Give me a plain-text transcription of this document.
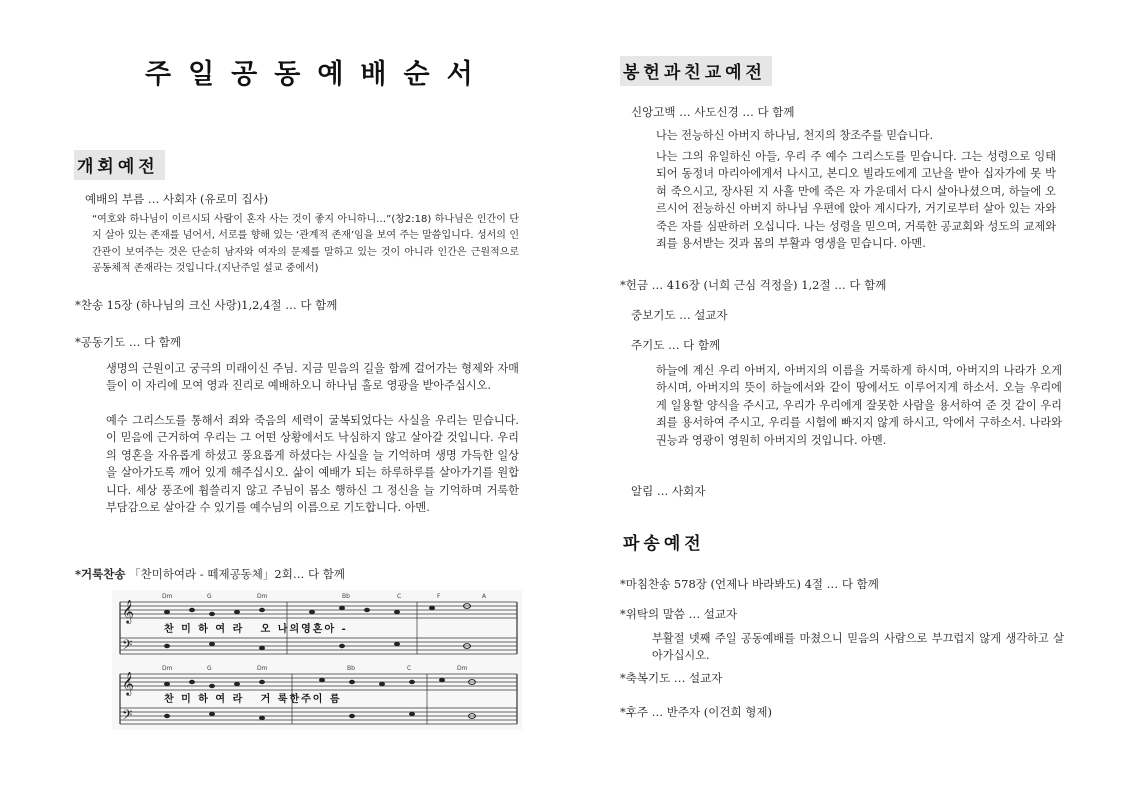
주일공동예배순서
개회예전
예배의 부름 … 사회자 (유로미 집사)
“여호와 하나님이 이르시되 사람이 혼자 사는 것이 좋지 아니하니…”(창2:18) 하나님은 인간이 단지 살아 있는 존재를 넘어서, 서로를 향해 있는 ‘관계적 존재’임을 보여 주는 말씀입니다. 성서의 인간관이 보여주는 것은 단순히 남자와 여자의 문제를 말하고 있는 것이 아니라 인간은 근원적으로 공동체적 존재라는 것입니다.(지난주일 설교 중에서)
*찬송 15장 (하나님의 크신 사랑)1,2,4절 … 다 함께
*공동기도 … 다 함께
생명의 근원이고 궁극의 미래이신 주님. 지금 믿음의 길을 함께 걸어가는 형제와 자매들이 이 자리에 모여 영과 진리로 예배하오니 하나님 홀로 영광을 받아주십시오.
예수 그리스도를 통해서 죄와 죽음의 세력이 굴복되었다는 사실을 우리는 믿습니다. 이 믿음에 근거하여 우리는 그 어떤 상황에서도 낙심하지 않고 살아갈 것입니다. 우리의 영혼을 자유롭게 하셨고 풍요롭게 하셨다는 사실을 늘 기억하며 생명 가득한 일상을 살아가도록 깨어 있게 해주십시오. 삶이 예배가 되는 하루하루를 살아가기를 원합니다. 세상 풍조에 휩쓸리지 않고 주님이 몸소 행하신 그 정신을 늘 기억하며 거룩한 부담감으로 살아갈 수 있기를 예수님의 이름으로 기도합니다. 아멘.
*거룩찬송 「찬미하여라 - 떼제공동체」2회… 다 함께
𝄞
𝄢
Dm	G	Dm	Bb	C	F	A
찬 미 하 여 라   오 나의영혼아 -
𝄞
𝄢
Dm	G	Dm	Bb	C	Dm
찬 미 하 여 라   거 룩한주이 름
봉헌과친교예전
신앙고백 … 사도신경 … 다 함께
나는 전능하신 아버지 하나님, 천지의 창조주를 믿습니다.
나는 그의 유일하신 아들, 우리 주 예수 그리스도를 믿습니다. 그는 성령으로 잉태되어 동정녀 마리아에게서 나시고, 본디오 빌라도에게 고난을 받아 십자가에 못 박혀 죽으시고, 장사된 지 사흘 만에 죽은 자 가운데서 다시 살아나셨으며, 하늘에 오르시어 전능하신 아버지 하나님 우편에 앉아 계시다가, 거기로부터 살아 있는 자와 죽은 자를 심판하러 오십니다. 나는 성령을 믿으며, 거룩한 공교회와 성도의 교제와 죄를 용서받는 것과 몸의 부활과 영생을 믿습니다. 아멘.
*헌금 … 416장 (너희 근심 걱정을) 1,2절 … 다 함께
중보기도 … 설교자
주기도 … 다 함께
하늘에 계신 우리 아버지, 아버지의 이름을 거룩하게 하시며, 아버지의 나라가 오게 하시며, 아버지의 뜻이 하늘에서와 같이 땅에서도 이루어지게 하소서. 오늘 우리에게 일용할 양식을 주시고, 우리가 우리에게 잘못한 사람을 용서하여 준 것 같이 우리 죄를 용서하여 주시고, 우리를 시험에 빠지지 않게 하시고, 악에서 구하소서. 나라와 권능과 영광이 영원히 아버지의 것입니다. 아멘.
알림 … 사회자
파송예전
*마침찬송 578장 (언제나 바라봐도) 4절 … 다 함께
*위탁의 말씀 … 설교자
부활절 넷째 주일 공동예배를 마쳤으니 믿음의 사람으로 부끄럽지 않게 생각하고 살아가십시오.
*축복기도 … 설교자
*후주 … 반주자 (이건희 형제)
